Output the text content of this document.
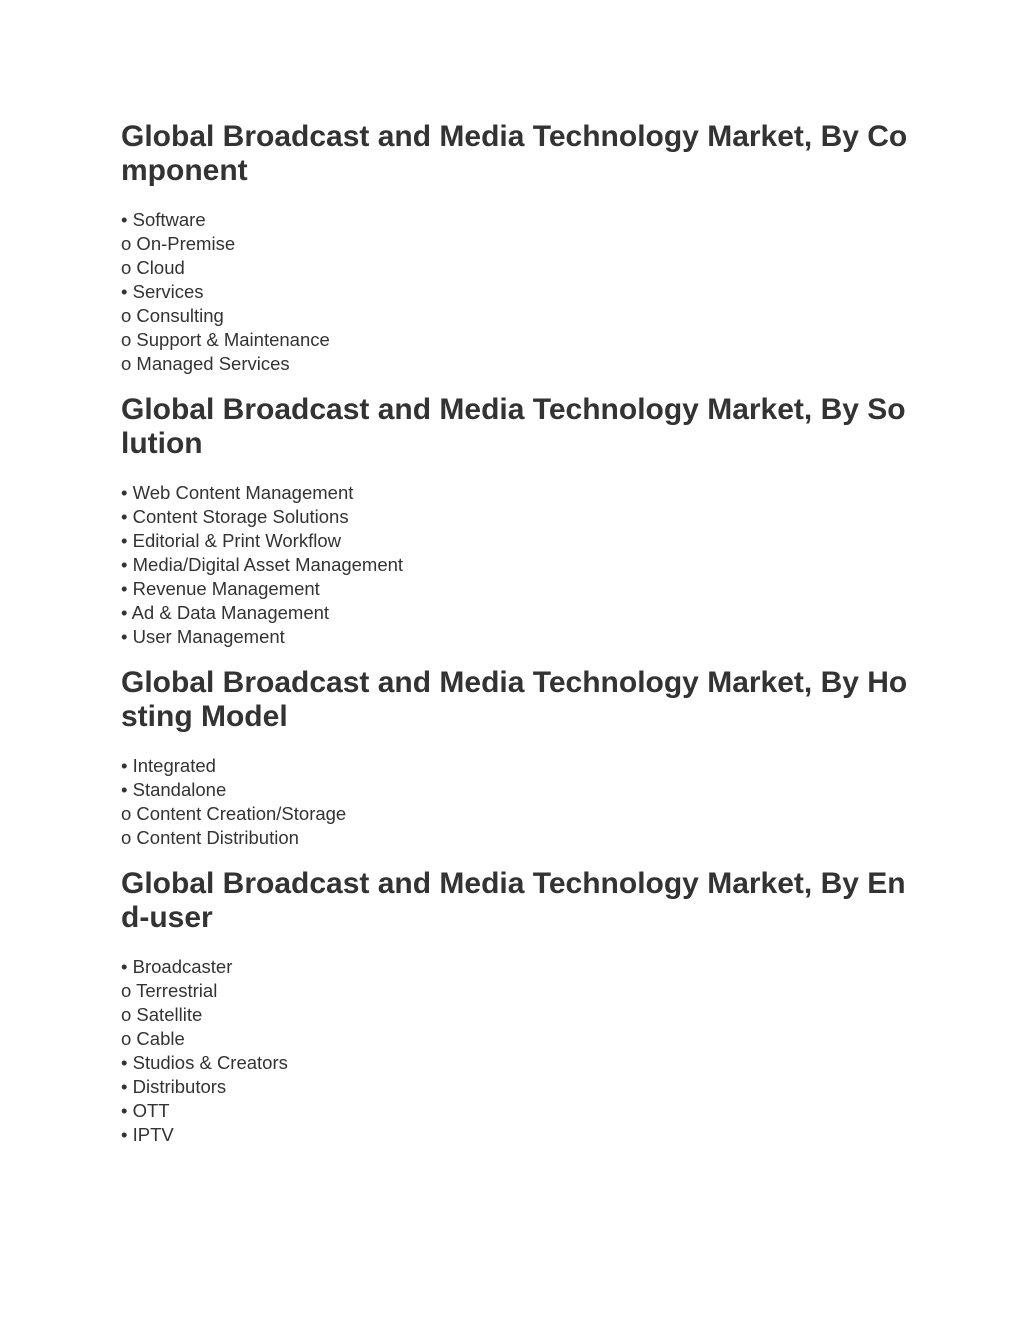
Global Broadcast and Media Technology Market, By Component
• Software
o On-Premise
o Cloud
• Services
o Consulting
o Support & Maintenance
o Managed Services
Global Broadcast and Media Technology Market, By Solution
• Web Content Management
• Content Storage Solutions
• Editorial & Print Workflow
• Media/Digital Asset Management
• Revenue Management
• Ad & Data Management
• User Management
Global Broadcast and Media Technology Market, By Hosting Model
• Integrated
• Standalone
o Content Creation/Storage
o Content Distribution
Global Broadcast and Media Technology Market, By End-user
• Broadcaster
o Terrestrial
o Satellite
o Cable
• Studios & Creators
• Distributors
• OTT
• IPTV
